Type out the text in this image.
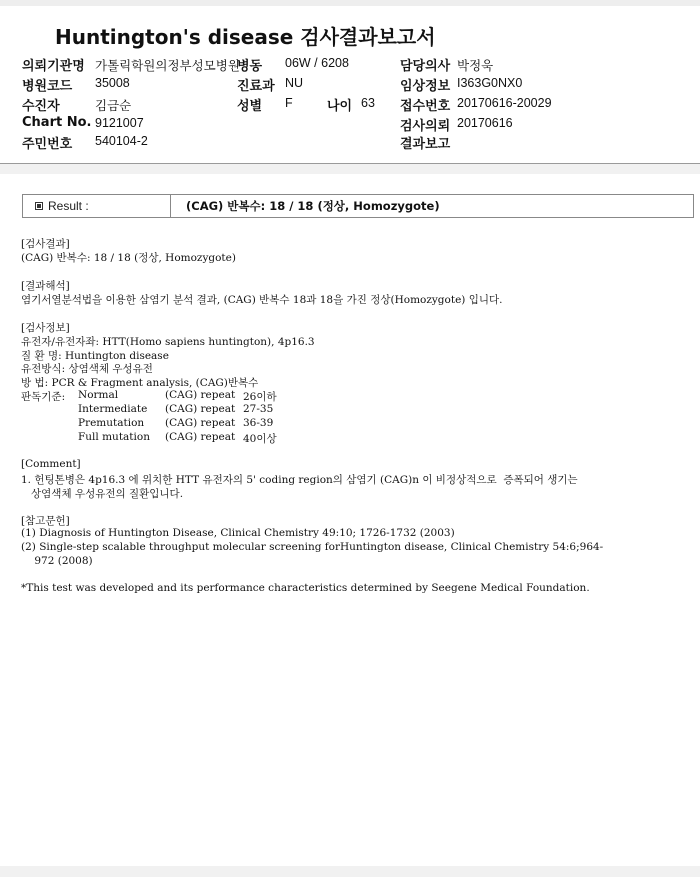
Huntington's disease 검사결과보고서
의뢰기관명 가톨릭학원의정부성모병원
병동 06W / 6208	담당의사 박정욱
병원코드 35008	진료과 NU	임상정보 I363G0NX0
수진자	김금순	성별 F	나이 63 접수번호 20170616-20029
Chart No. 9121007	검사의뢰 20170616
주민번호 540104-2	결과보고
Result :	(CAG) 반복수: 18 / 18 (정상, Homozygote)
[검사결과]
(CAG) 반복수: 18 / 18 (정상, Homozygote)
[결과해석]
염기서열분석법을 이용한 삼염기 분석 결과, (CAG) 반복수 18과 18을 가진 정상(Homozygote) 입니다.
[검사정보]
유전자/유전자좌: HTT(Homo sapiens huntington), 4p16.3
질 환 명: Huntington disease
유전방식: 상염색체 우성유전
방 법: PCR & Fragment analysis, (CAG)반복수
판독기준: Normal	(CAG) repeat 26이하
Intermediate (CAG) repeat 27-35
Premutation (CAG) repeat 36-39
Full mutation (CAG) repeat 40이상
[Comment]
1. 헌팅톤병은 4p16.3 에 위치한 HTT 유전자의 5' coding region의 삼염기 (CAG)n 이 비정상적으로  증폭되어 생기는
상염색체 우성유전의 질환입니다.
[참고문헌]
(1) Diagnosis of Huntington Disease, Clinical Chemistry 49:10; 1726-1732 (2003)
(2) Single-step scalable throughput molecular screening forHuntington disease, Clinical Chemistry 54:6;964-
972 (2008)
*This test was developed and its performance characteristics determined by Seegene Medical Foundation.
